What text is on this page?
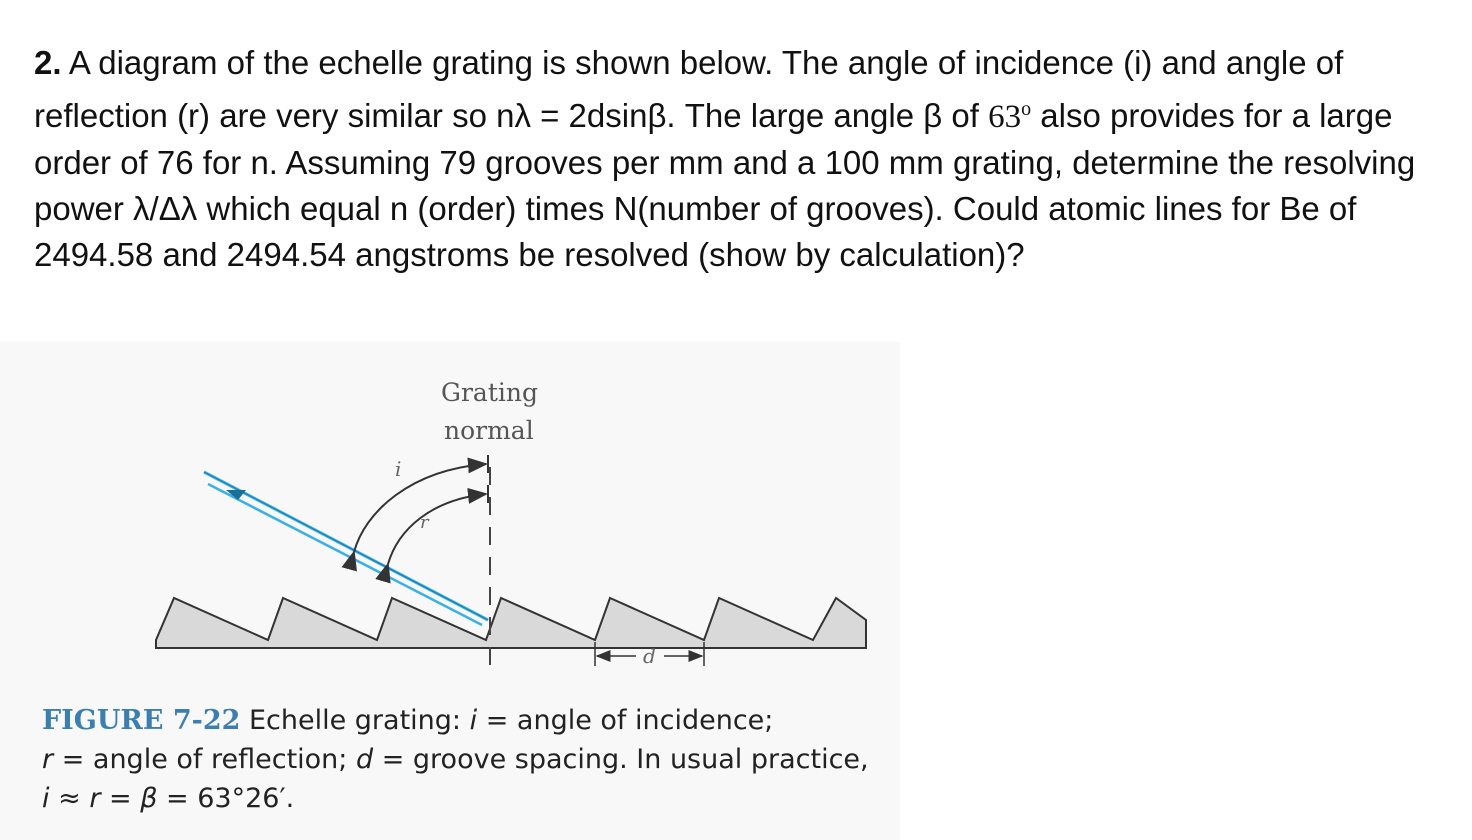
2. A diagram of the echelle grating is shown below. The angle of incidence (i) and angle of reflection (r) are very similar so nλ = 2dsinβ. The large angle β of 63$^o$ also provides for a large order of 76 for n. Assuming 79 grooves per mm and a 100 mm grating, determine the resolving power λ/Δλ which equal n (order) times N(number of grooves). Could atomic lines for Be of 2494.58 and 2494.54 angstroms be resolved (show by calculation)?
Grating
normal
i
r
d
FIGURE 7-22 Echelle grating: i = angle of incidence;
r = angle of reflection; d = groove spacing. In usual practice,
i ≈ r = β = 63°26′.
